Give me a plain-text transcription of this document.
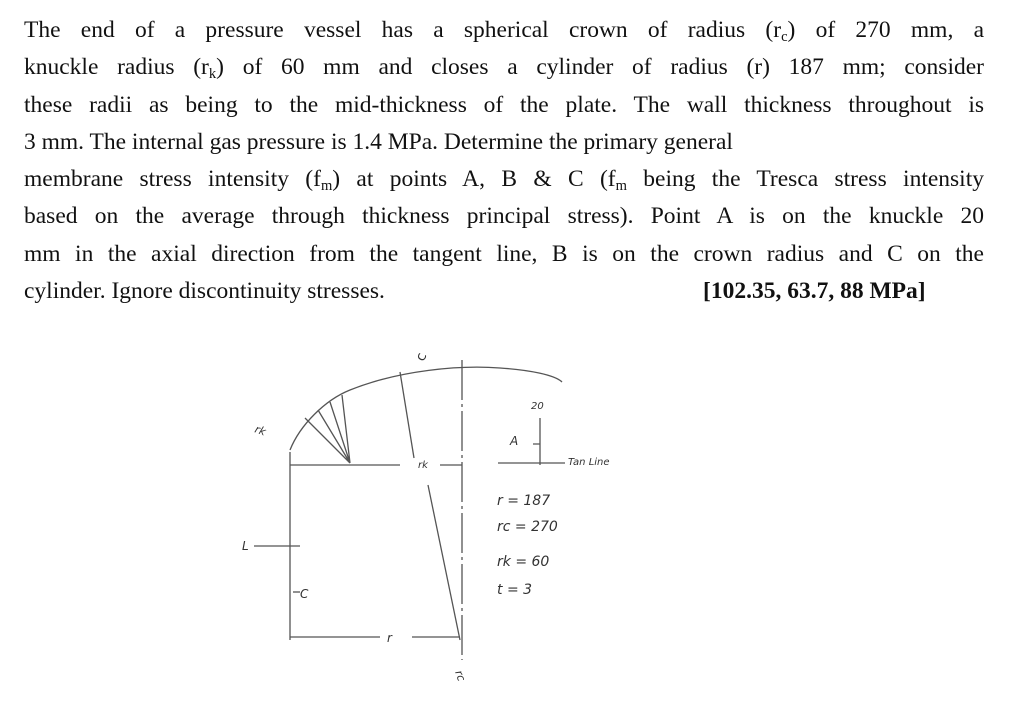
The end of a pressure vessel has a spherical crown of radius $(r_c)$ of 270 mm, a
knuckle radius $(r_k)$ of 60 mm and closes a cylinder of radius (r) 187 mm; consider
these radii as being to the mid-thickness of the plate. The wall thickness throughout is
3 mm. The internal gas pressure is 1.4 MPa. Determine the primary general
membrane stress intensity $(f_m)$ at points A, B & C ($f_m$ being the Tresca stress intensity
based on the average through thickness principal stress). Point A is on the knuckle 20
mm in the axial direction from the tangent line, B is on the crown radius and C on the
cylinder. Ignore discontinuity stresses.	[102.35, 63.7, 88 MPa]
c
rk
rk
20
A
Tan Line
r = 187
rc = 270
rk = 60
t = 3
L
C
r
rc
